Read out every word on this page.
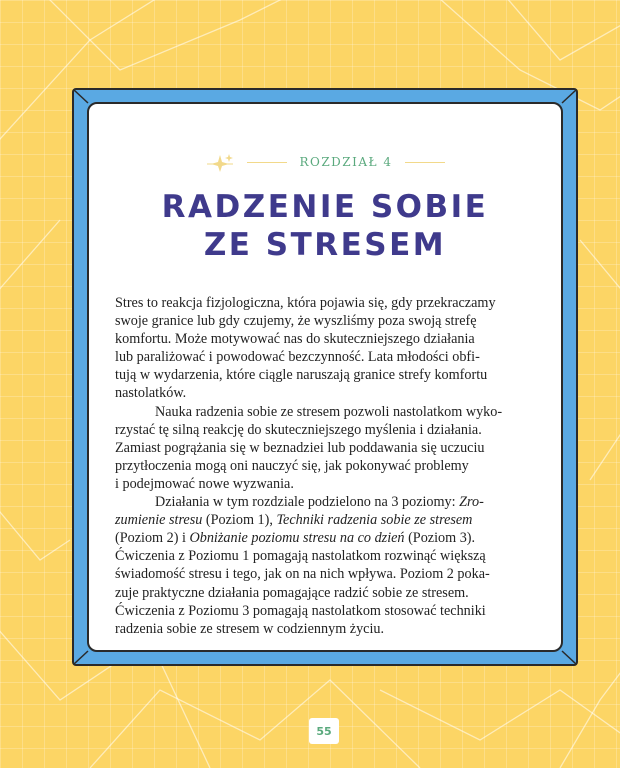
ROZDZIAŁ 4
RADZENIE SOBIE
ZE STRESEM

Stres to reakcja fizjologiczna, która pojawia się, gdy przekraczamy
swoje granice lub gdy czujemy, że wyszliśmy poza swoją strefę
komfortu. Może motywować nas do skuteczniejszego działania
lub paraliżować i powodować bezczynność. Lata młodości obfi-
tują w wydarzenia, które ciągle naruszają granice strefy komfortu
nastolatków.

Nauka radzenia sobie ze stresem pozwoli nastolatkom wyko-
rzystać tę silną reakcję do skuteczniejszego myślenia i działania.
Zamiast pogrążania się w beznadziei lub poddawania się uczuciu
przytłoczenia mogą oni nauczyć się, jak pokonywać problemy
i podejmować nowe wyzwania.

Działania w tym rozdziale podzielono na 3 poziomy: Zro-
zumienie stresu (Poziom 1), Techniki radzenia sobie ze stresem
(Poziom 2) i Obniżanie poziomu stresu na co dzień (Poziom 3).
Ćwiczenia z Poziomu 1 pomagają nastolatkom rozwinąć większą
świadomość stresu i tego, jak on na nich wpływa. Poziom 2 poka-
zuje praktyczne działania pomagające radzić sobie ze stresem.
Ćwiczenia z Poziomu 3 pomagają nastolatkom stosować techniki
radzenia sobie ze stresem w codziennym życiu.

55
